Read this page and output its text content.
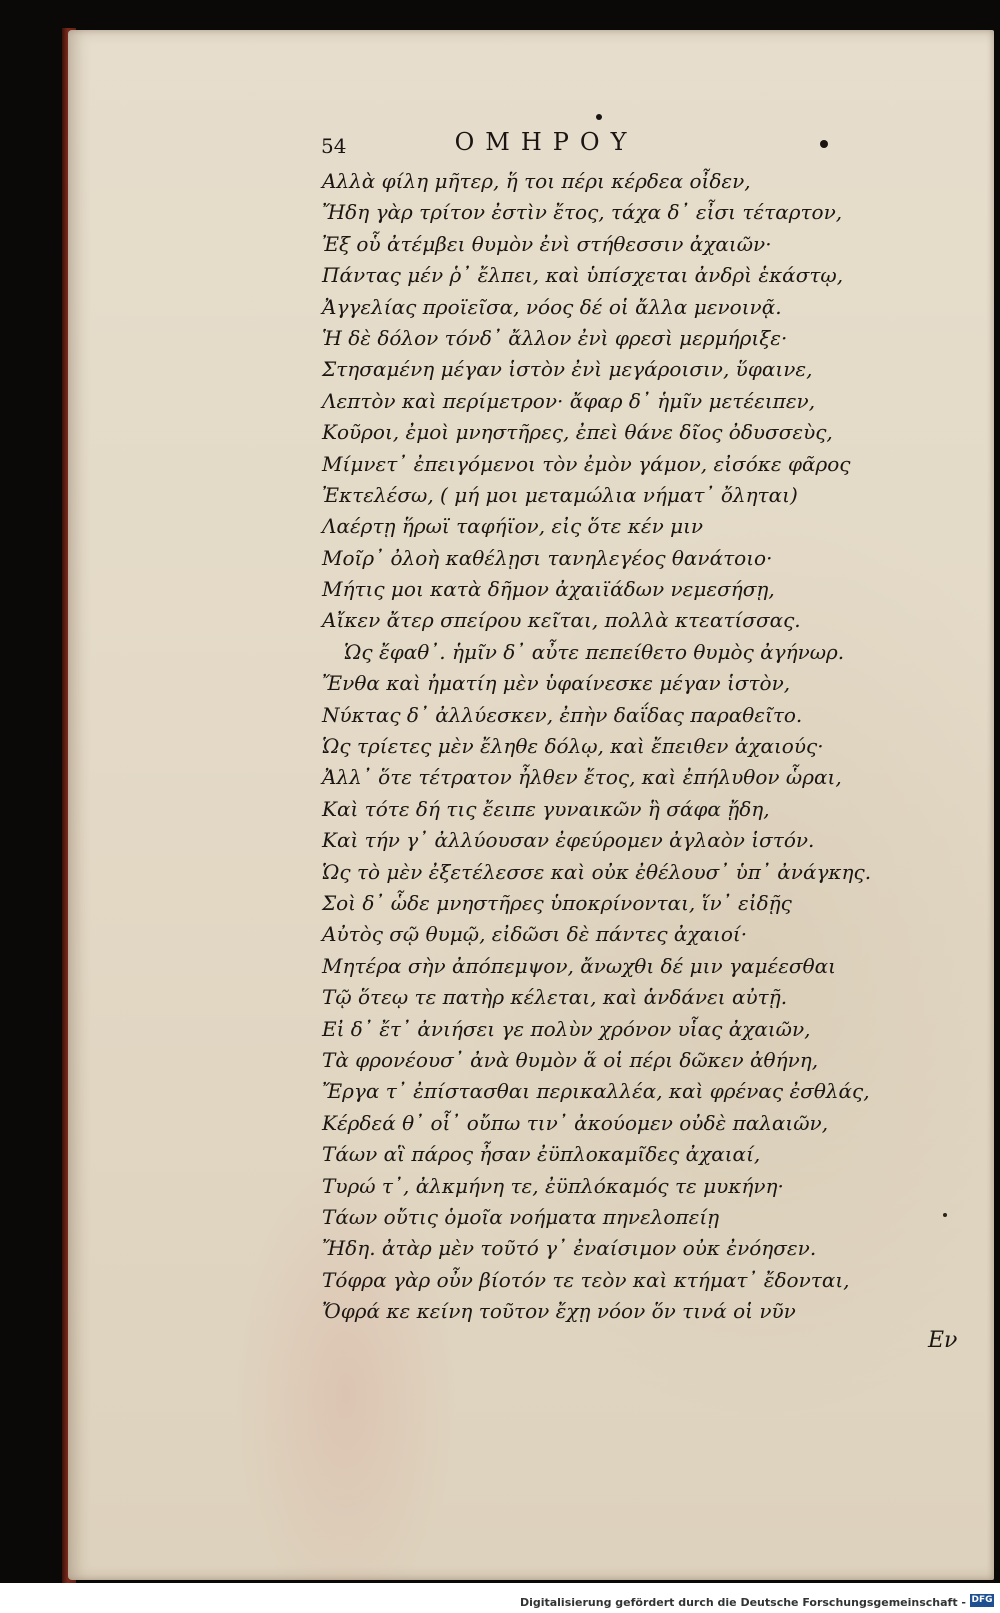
54	ΟΜΗΡΟΥ
Αλλὰ φίλη μῆτερ, ἥ τοι πέρι κέρδεα οἶδεν,
Ἤδη γὰρ τρίτον ἐστὶν ἔτος, τάχα δ᾽ εἶσι τέταρτον,
Ἐξ οὗ ἀτέμβει θυμὸν ἐνὶ στήθεσσιν ἀχαιῶν·
Πάντας μέν ῥ᾽ ἔλπει, καὶ ὑπίσχεται ἀνδρὶ ἑκάστῳ,
Ἀγγελίας προϊεῖσα, νόος δέ οἱ ἄλλα μενοινᾷ.
Ἡ δὲ δόλον τόνδ᾽ ἄλλον ἐνὶ φρεσὶ μερμήριξε·
Στησαμένη μέγαν ἱστὸν ἐνὶ μεγάροισιν, ὕφαινε,
Λεπτὸν καὶ περίμετρον· ἄφαρ δ᾽ ἡμῖν μετέειπεν,
Κοῦροι, ἐμοὶ μνηστῆρες, ἐπεὶ θάνε δῖος ὀδυσσεὺς,
Μίμνετ᾽ ἐπειγόμενοι τὸν ἐμὸν γάμον, εἰσόκε φᾶρος
Ἐκτελέσω, ( μή μοι μεταμώλια νήματ᾽ ὄληται)
Λαέρτῃ ἥρωϊ ταφήϊον, εἰς ὅτε κέν μιν
Μοῖρ᾽ ὀλοὴ καθέλῃσι τανηλεγέος θανάτοιο·
Μήτις μοι κατὰ δῆμον ἀχαιϊάδων νεμεσήσῃ,
Αἴκεν ἄτερ σπείρου κεῖται, πολλὰ κτεατίσσας.
Ὡς ἔφαθ᾽. ἡμῖν δ᾽ αὖτε πεπείθετο θυμὸς ἀγήνωρ.
Ἔνθα καὶ ἠματίη μὲν ὑφαίνεσκε μέγαν ἱστὸν,
Νύκτας δ᾽ ἀλλύεσκεν, ἐπὴν δαΐδας παραθεῖτο.
Ὡς τρίετες μὲν ἔληθε δόλῳ, καὶ ἔπειθεν ἀχαιούς·
Ἀλλ᾽ ὅτε τέτρατον ἦλθεν ἔτος, καὶ ἐπήλυθον ὧραι,
Καὶ τότε δή τις ἔειπε γυναικῶν ἣ σάφα ᾔδη,
Καὶ τήν γ᾽ ἀλλύουσαν ἐφεύρομεν ἀγλαὸν ἱστόν.
Ὡς τὸ μὲν ἐξετέλεσσε καὶ οὐκ ἐθέλουσ᾽ ὑπ᾽ ἀνάγκης.
Σοὶ δ᾽ ὧδε μνηστῆρες ὑποκρίνονται, ἵν᾽ εἰδῇς
Αὐτὸς σῷ θυμῷ, εἰδῶσι δὲ πάντες ἀχαιοί·
Μητέρα σὴν ἀπόπεμψον, ἄνωχθι δέ μιν γαμέεσθαι
Τῷ ὅτεῳ τε πατὴρ κέλεται, καὶ ἁνδάνει αὐτῇ.
Εἰ δ᾽ ἔτ᾽ ἀνιήσει γε πολὺν χρόνον υἷας ἀχαιῶν,
Τὰ φρονέουσ᾽ ἀνὰ θυμὸν ἅ οἱ πέρι δῶκεν ἀθήνη,
Ἔργα τ᾽ ἐπίστασθαι περικαλλέα, καὶ φρένας ἐσθλάς,
Κέρδεά θ᾽ οἷ᾽ οὔπω τιν᾽ ἀκούομεν οὐδὲ παλαιῶν,
Τάων αἳ πάρος ἦσαν ἐϋπλοκαμῖδες ἀχαιαί,
Τυρώ τ᾽, ἀλκμήνη τε, ἐϋπλόκαμός τε μυκήνη·
Τάων οὔτις ὁμοῖα νοήματα πηνελοπείῃ
Ἤδη. ἀτὰρ μὲν τοῦτό γ᾽ ἐναίσιμον οὐκ ἐνόησεν.
Τόφρα γὰρ οὖν βίοτόν τε τεὸν καὶ κτήματ᾽ ἔδονται,
Ὄφρά κε κείνη τοῦτον ἔχῃ νόον ὅν τινά οἱ νῦν
Εν
Digitalisierung gefördert durch die Deutsche Forschungsgemeinschaft - DFG
